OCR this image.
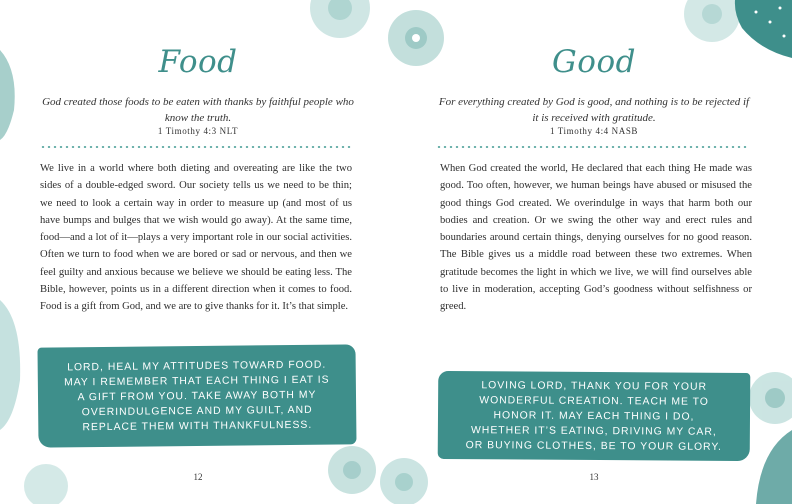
Food
God created those foods to be eaten with thanks by faithful people who know the truth.
1 Timothy 4:3 NLT
We live in a world where both dieting and overeating are like the two sides of a double-edged sword. Our society tells us we need to be thin; we need to look a certain way in order to measure up (and most of us have bumps and bulges that we wish would go away). At the same time, food—and a lot of it—plays a very important role in our social activities. Often we turn to food when we are bored or sad or nervous, and then we feel guilty and anxious because we believe we should be eating less. The Bible, however, points us in a different direction when it comes to food. Food is a gift from God, and we are to give thanks for it. It’s that simple.
LORD, HEAL MY ATTITUDES TOWARD FOOD. MAY I REMEMBER THAT EACH THING I EAT IS A GIFT FROM YOU. TAKE AWAY BOTH MY OVERINDULGENCE AND MY GUILT, AND REPLACE THEM WITH THANKFULNESS.
12
Good
For everything created by God is good, and nothing is to be rejected if it is received with gratitude.
1 Timothy 4:4 NASB
When God created the world, He declared that each thing He made was good. Too often, however, we human beings have abused or misused the good things God created. We overindulge in ways that harm both our bodies and creation. Or we swing the other way and erect rules and boundaries around certain things, denying ourselves for no good reason. The Bible gives us a middle road between these two extremes. When gratitude becomes the light in which we live, we will find ourselves able to live in moderation, accepting God’s goodness without selfishness or greed.
LOVING LORD, THANK YOU FOR YOUR WONDERFUL CREATION. TEACH ME TO HONOR IT. MAY EACH THING I DO, WHETHER IT’S EATING, DRIVING MY CAR, OR BUYING CLOTHES, BE TO YOUR GLORY.
13
